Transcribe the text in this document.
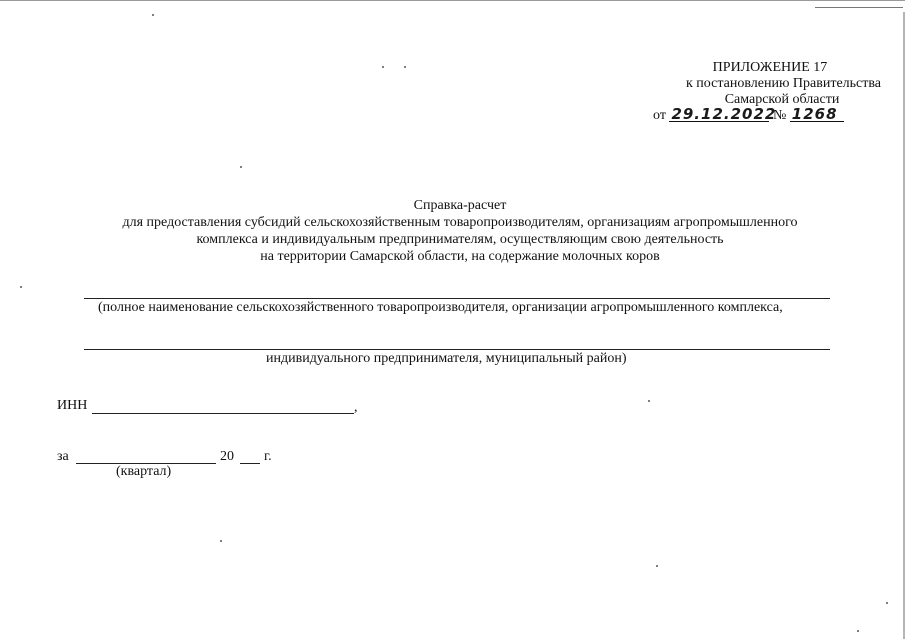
ПРИЛОЖЕНИЕ 17
к постановлению Правительства
Самарской области
от 29.12.2022 № 1268
Справка-расчет
для предоставления субсидий сельскохозяйственным товаропроизводителям, организациям агропромышленного
комплекса и индивидуальным предпринимателям, осуществляющим свою деятельность
на территории Самарской области, на содержание молочных коров
(полное наименование сельскохозяйственного товаропроизводителя, организации агропромышленного комплекса,
индивидуального предпринимателя, муниципальный район)
ИНН	,
за	20 г.
(квартал)
